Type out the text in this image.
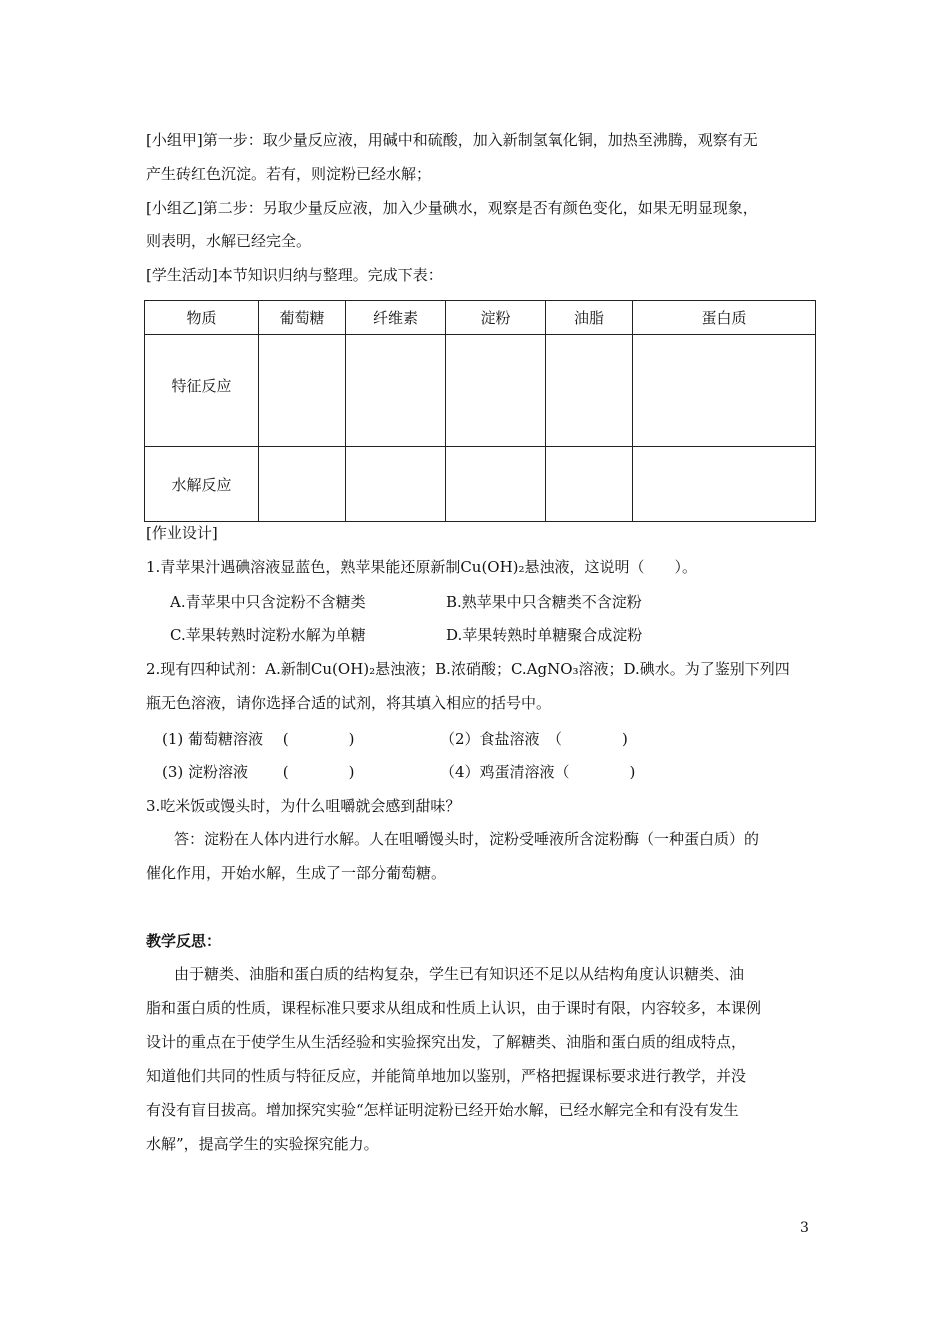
[小组甲]第一步：取少量反应液，用碱中和硫酸，加入新制氢氧化铜，加热至沸腾，观察有无
产生砖红色沉淀。若有，则淀粉已经水解；
[小组乙]第二步：另取少量反应液，加入少量碘水，观察是否有颜色变化，如果无明显现象，
则表明，水解已经完全。
[学生活动]本节知识归纳与整理。完成下表：
物质	葡萄糖	纤维素	淀粉	油脂	蛋白质
特征反应					
水解反应					
[作业设计]
1.青苹果汁遇碘溶液显蓝色，熟苹果能还原新制Cu(OH)₂悬浊液，这说明（　　）。
A.青苹果中只含淀粉不含糖类	B.熟苹果中只含糖类不含淀粉
C.苹果转熟时淀粉水解为单糖	D.苹果转熟时单糖聚合成淀粉
2.现有四种试剂：A.新制Cu(OH)₂悬浊液；B.浓硝酸；C.AgNO₃溶液；D.碘水。为了鉴别下列四
瓶无色溶液，请你选择合适的试剂，将其填入相应的括号中。
(1) 葡萄糖溶液　 (　　　　)	（2）食盐溶液　（　　　　)
(3) 淀粉溶液　　 (　　　　)	（4）鸡蛋清溶液（　　　　)
3.吃米饭或馒头时，为什么咀嚼就会感到甜味？
答：淀粉在人体内进行水解。人在咀嚼馒头时，淀粉受唾液所含淀粉酶（一种蛋白质）的
催化作用，开始水解，生成了一部分葡萄糖。
教学反思：
由于糖类、油脂和蛋白质的结构复杂，学生已有知识还不足以从结构角度认识糖类、油
脂和蛋白质的性质，课程标准只要求从组成和性质上认识，由于课时有限，内容较多，本课例
设计的重点在于使学生从生活经验和实验探究出发，了解糖类、油脂和蛋白质的组成特点，
知道他们共同的性质与特征反应，并能简单地加以鉴别，严格把握课标要求进行教学，并没
有没有盲目拔高。增加探究实验“怎样证明淀粉已经开始水解，已经水解完全和有没有发生
水解”，提高学生的实验探究能力。
3
